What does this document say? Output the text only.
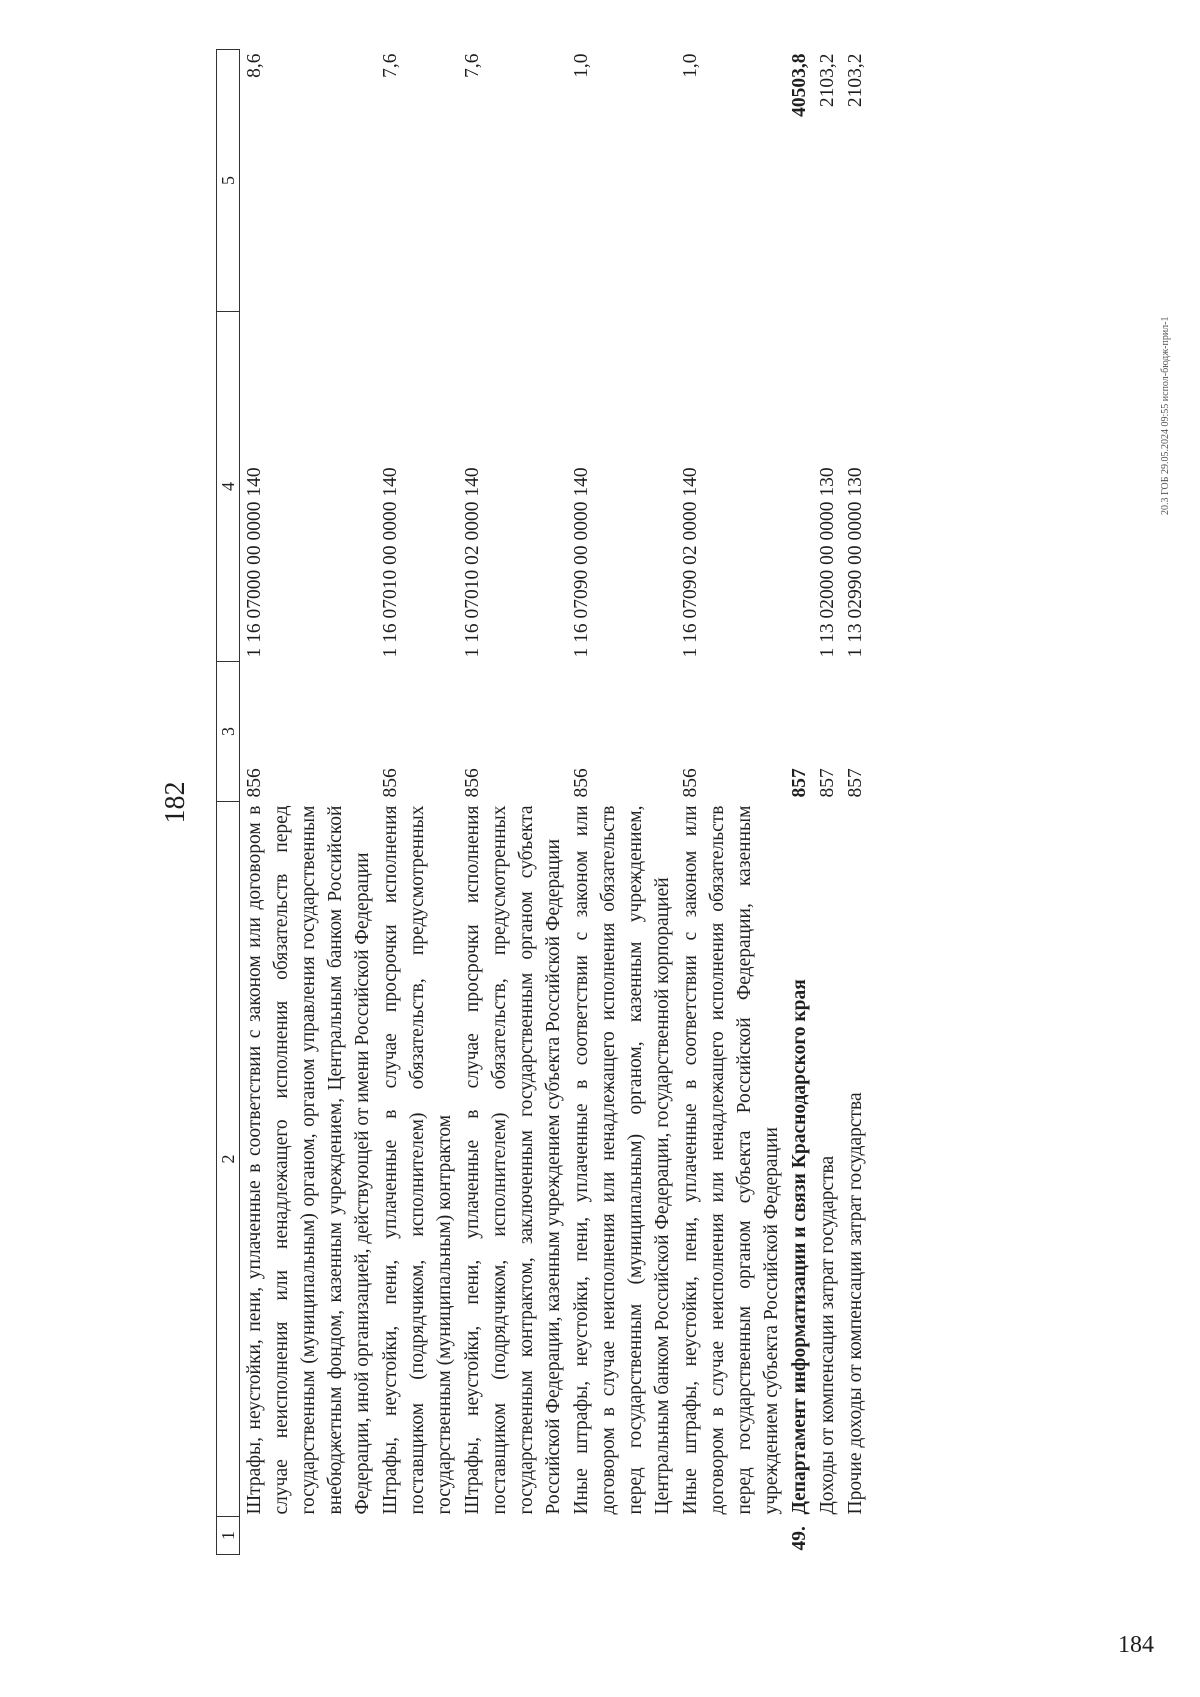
184
182
1	2	3	4	5
	Штрафы, неустойки, пени, уплаченные в соответствии с законом или договором в случае неисполнения или ненадлежащего исполнения обязательств перед государственным (муниципальным) органом, органом управления государственным внебюджетным фондом, казенным учреждением, Центральным банком Российской Федерации, иной организацией, действующей от имени Российской Федерации	856	1 16 07000 00 0000 140	8,6
	Штрафы, неустойки, пени, уплаченные в случае просрочки исполнения поставщиком (подрядчиком, исполнителем) обязательств, предусмотренных государственным (муниципальным) контрактом	856	1 16 07010 00 0000 140	7,6
	Штрафы, неустойки, пени, уплаченные в случае просрочки исполнения поставщиком (подрядчиком, исполнителем) обязательств, предусмотренных государственным контрактом, заключенным государственным органом субъекта Российской Федерации, казенным учреждением субъекта Российской Федерации	856	1 16 07010 02 0000 140	7,6
	Иные штрафы, неустойки, пени, уплаченные в соответствии с законом или договором в случае неисполнения или ненадлежащего исполнения обязательств перед государственным (муниципальным) органом, казенным учреждением, Центральным банком Российской Федерации, государственной корпорацией	856	1 16 07090 00 0000 140	1,0
	Иные штрафы, неустойки, пени, уплаченные в соответствии с законом или договором в случае неисполнения или ненадлежащего исполнения обязательств перед государственным органом субъекта Российской Федерации, казенным учреждением субъекта Российской Федерации	856	1 16 07090 02 0000 140	1,0
49.	Департамент информатизации и связи Краснодарского края	857		40503,8
	Доходы от компенсации затрат государства	857	1 13 02000 00 0000 130	2103,2
	Прочие доходы от компенсации затрат государства	857	1 13 02990 00 0000 130	2103,2
20.3 ГОБ 29.05.2024 09:55 испол-бюдж-прил-1
